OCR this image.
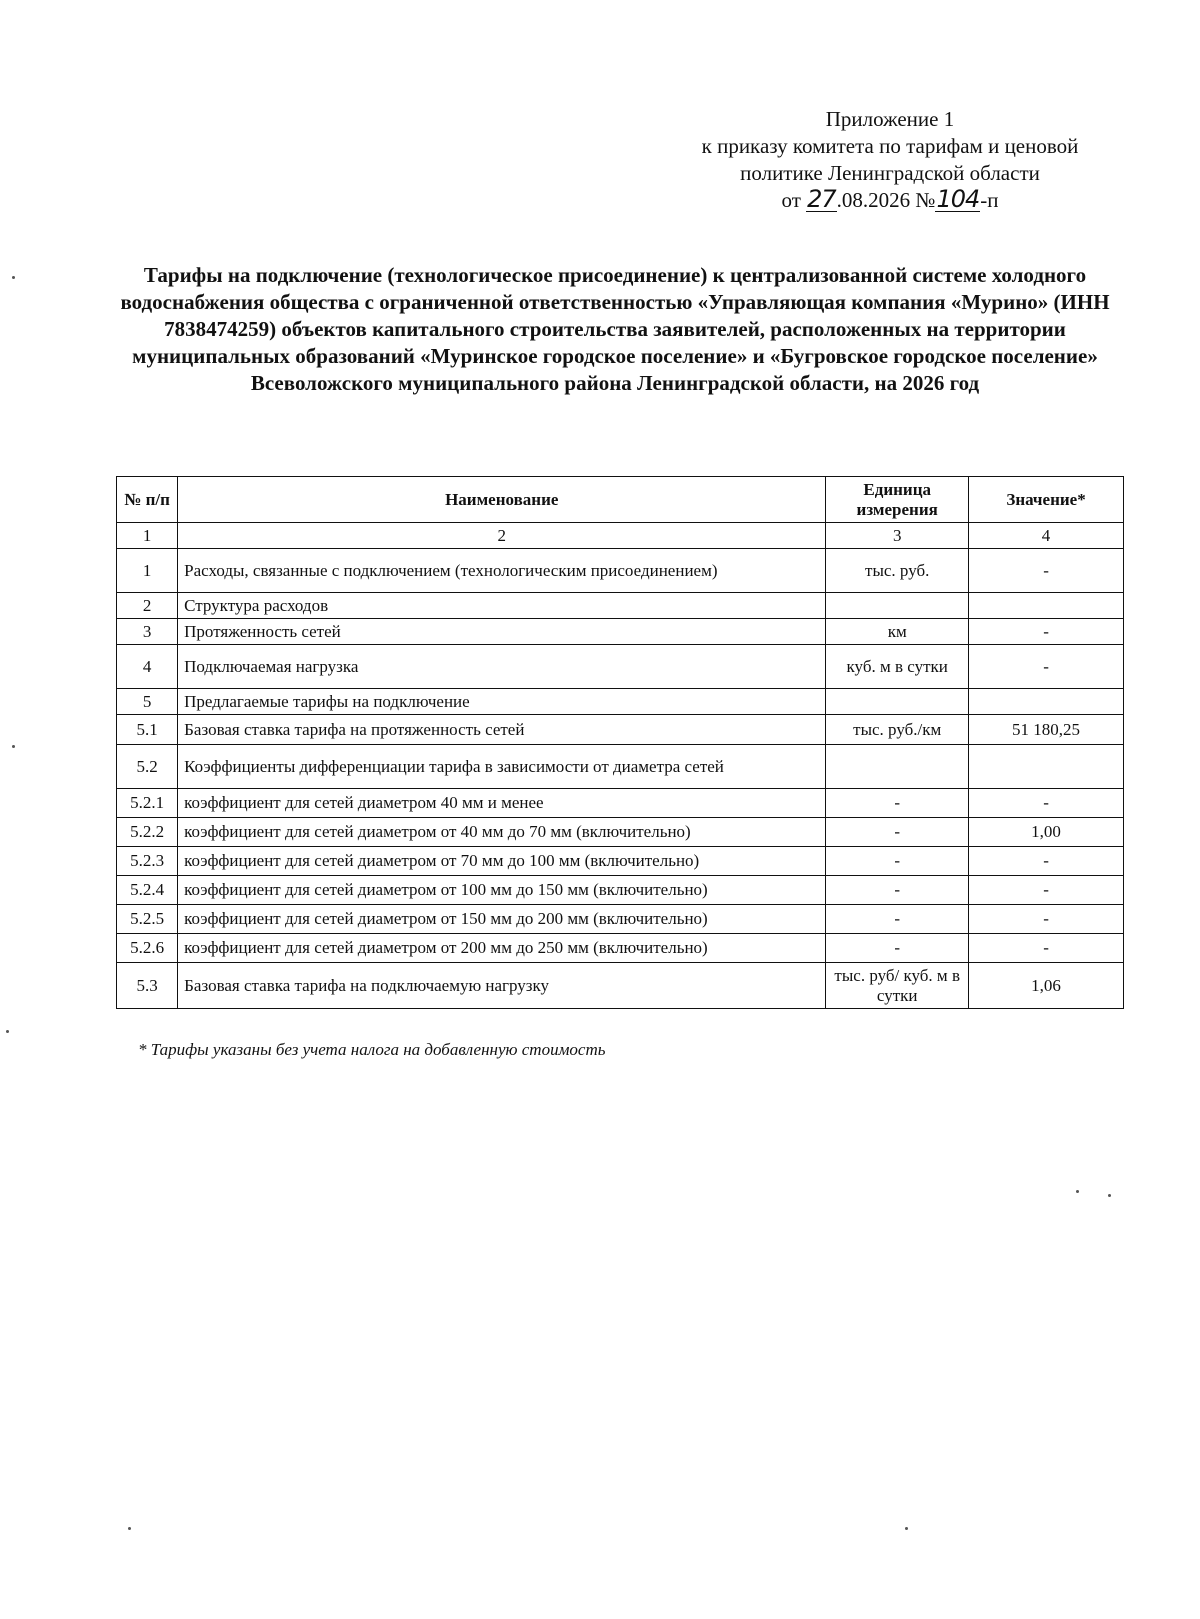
Приложение 1
к приказу комитета по тарифам и ценовой
политике Ленинградской области
от 27.08.2026 №104-п
Тарифы на подключение (технологическое присоединение) к централизованной системе холодного водоснабжения общества с ограниченной ответственностью «Управляющая компания «Мурино» (ИНН 7838474259) объектов капитального строительства заявителей, расположенных на территории муниципальных образований «Муринское городское поселение» и «Бугровское городское поселение» Всеволожского муниципального района Ленинградской области, на 2026 год
№ п/п	Наименование	Единица измерения	Значение*
1	2	3	4
1	Расходы, связанные с подключением (технологическим присоединением)	тыс. руб.	-
2	Структура расходов		
3	Протяженность сетей	км	-
4	Подключаемая нагрузка	куб. м в сутки	-
5	Предлагаемые тарифы на подключение		
5.1	Базовая ставка тарифа на протяженность сетей	тыс. руб./км	51 180,25
5.2	Коэффициенты дифференциации тарифа в зависимости от диаметра сетей		
5.2.1	коэффициент для сетей диаметром 40 мм и менее	-	-
5.2.2	коэффициент для сетей диаметром от 40 мм до 70 мм (включительно)	-	1,00
5.2.3	коэффициент для сетей диаметром от 70 мм до 100 мм (включительно)	-	-
5.2.4	коэффициент для сетей диаметром от 100 мм до 150 мм (включительно)	-	-
5.2.5	коэффициент для сетей диаметром от 150 мм до 200 мм (включительно)	-	-
5.2.6	коэффициент для сетей диаметром от 200 мм до 250 мм (включительно)	-	-
5.3	Базовая ставка тарифа на подключаемую нагрузку	тыс. руб/ куб. м в сутки	1,06
* Тарифы указаны без учета налога на добавленную стоимость
